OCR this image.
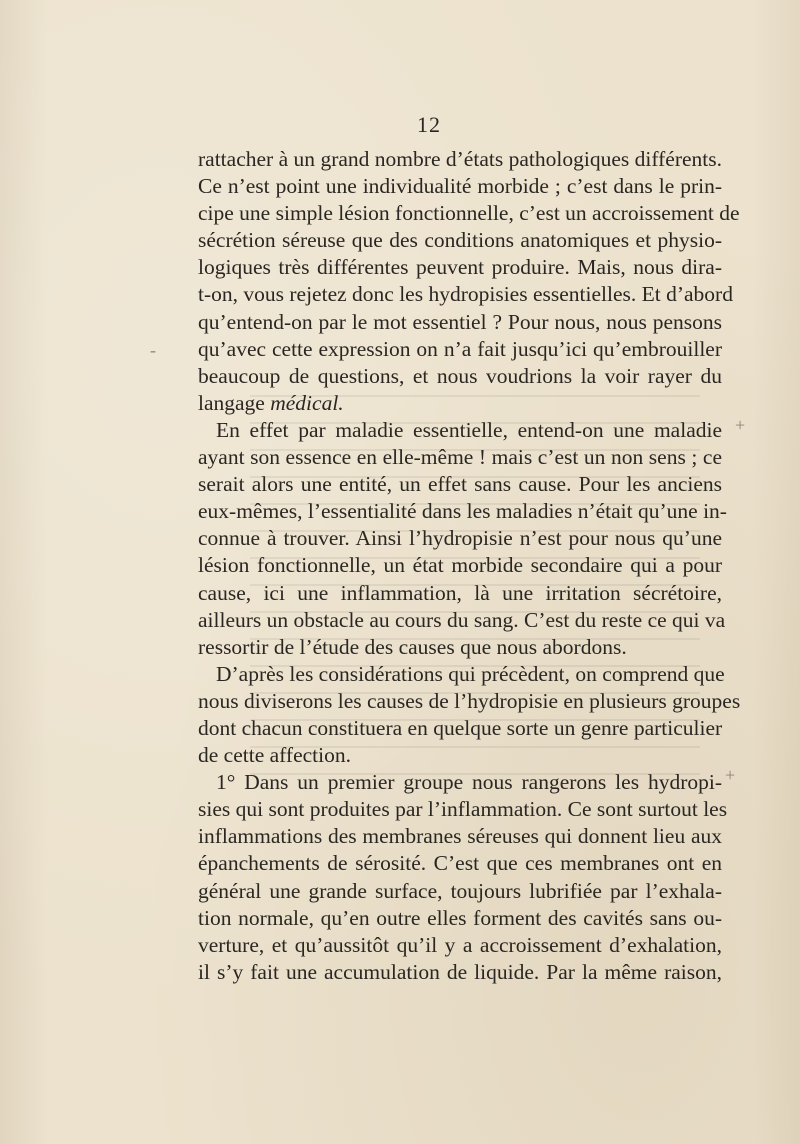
12
rattacher à un grand nombre d’états pathologiques différents.
Ce n’est point une individualité morbide ; c’est dans le prin-
cipe une simple lésion fonctionnelle, c’est un accroissement de
sécrétion séreuse que des conditions anatomiques et physio-
logiques très différentes peuvent produire. Mais, nous dira-
t-on, vous rejetez donc les hydropisies essentielles. Et d’abord
qu’entend-on par le mot essentiel ? Pour nous, nous pensons
qu’avec cette expression on n’a fait jusqu’ici qu’embrouiller
beaucoup de questions, et nous voudrions la voir rayer du
langage médical.
En effet par maladie essentielle, entend-on une maladie
ayant son essence en elle-même ! mais c’est un non sens ; ce
serait alors une entité, un effet sans cause. Pour les anciens
eux-mêmes, l’essentialité dans les maladies n’était qu’une in-
connue à trouver. Ainsi l’hydropisie n’est pour nous qu’une
lésion fonctionnelle, un état morbide secondaire qui a pour
cause, ici une inflammation, là une irritation sécrétoire,
ailleurs un obstacle au cours du sang. C’est du reste ce qui va
ressortir de l’étude des causes que nous abordons.
D’après les considérations qui précèdent, on comprend que
nous diviserons les causes de l’hydropisie en plusieurs groupes
dont chacun constituera en quelque sorte un genre particulier
de cette affection.
1° Dans un premier groupe nous rangerons les hydropi-
sies qui sont produites par l’inflammation. Ce sont surtout les
inflammations des membranes séreuses qui donnent lieu aux
épanchements de sérosité. C’est que ces membranes ont en
général une grande surface, toujours lubrifiée par l’exhala-
tion normale, qu’en outre elles forment des cavités sans ou-
verture, et qu’aussitôt qu’il y a accroissement d’exhalation,
il s’y fait une accumulation de liquide. Par la même raison,
-
+
+
